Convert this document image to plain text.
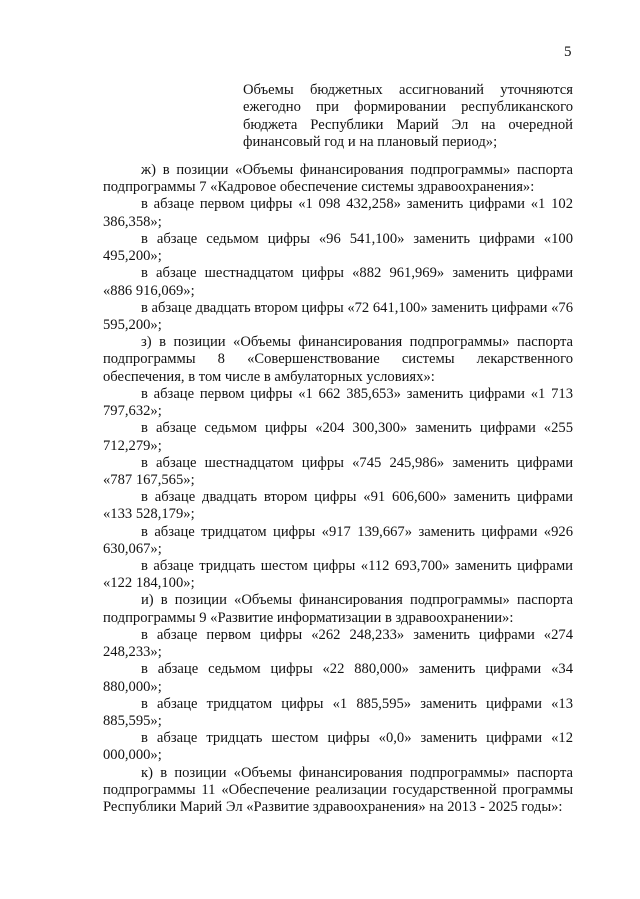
5
Объемы бюджетных ассигнований уточняются ежегодно при формировании республиканского бюджета Республики Марий Эл на очередной финансовый год и на плановый период»;

ж) в позиции «Объемы финансирования подпрограммы» паспорта подпрограммы 7 «Кадровое обеспечение системы здравоохранения»:

в абзаце первом цифры «1 098 432,258» заменить цифрами «1 102 386,358»;

в абзаце седьмом цифры «96 541,100» заменить цифрами «100 495,200»;

в абзаце шестнадцатом цифры «882 961,969» заменить цифрами «886 916,069»;

в абзаце двадцать втором цифры «72 641,100» заменить цифрами «76 595,200»;

з) в позиции «Объемы финансирования подпрограммы» паспорта подпрограммы 8 «Совершенствование системы лекарственного обеспечения, в том числе в амбулаторных условиях»:

в абзаце первом цифры «1 662 385,653» заменить цифрами «1 713 797,632»;

в абзаце седьмом цифры «204 300,300» заменить цифрами «255 712,279»;

в абзаце шестнадцатом цифры «745 245,986» заменить цифрами «787 167,565»;

в абзаце двадцать втором цифры «91 606,600» заменить цифрами «133 528,179»;

в абзаце тридцатом цифры «917 139,667» заменить цифрами «926 630,067»;

в абзаце тридцать шестом цифры «112 693,700» заменить цифрами «122 184,100»;

и) в позиции «Объемы финансирования подпрограммы» паспорта подпрограммы 9 «Развитие информатизации в здравоохранении»:

в абзаце первом цифры «262 248,233» заменить цифрами «274 248,233»;

в абзаце седьмом цифры «22 880,000» заменить цифрами «34 880,000»;

в абзаце тридцатом цифры «1 885,595» заменить цифрами «13 885,595»;

в абзаце тридцать шестом цифры «0,0» заменить цифрами «12 000,000»;

к) в позиции «Объемы финансирования подпрограммы» паспорта подпрограммы 11 «Обеспечение реализации государственной программы Республики Марий Эл «Развитие здравоохранения» на 2013 - 2025 годы»:
